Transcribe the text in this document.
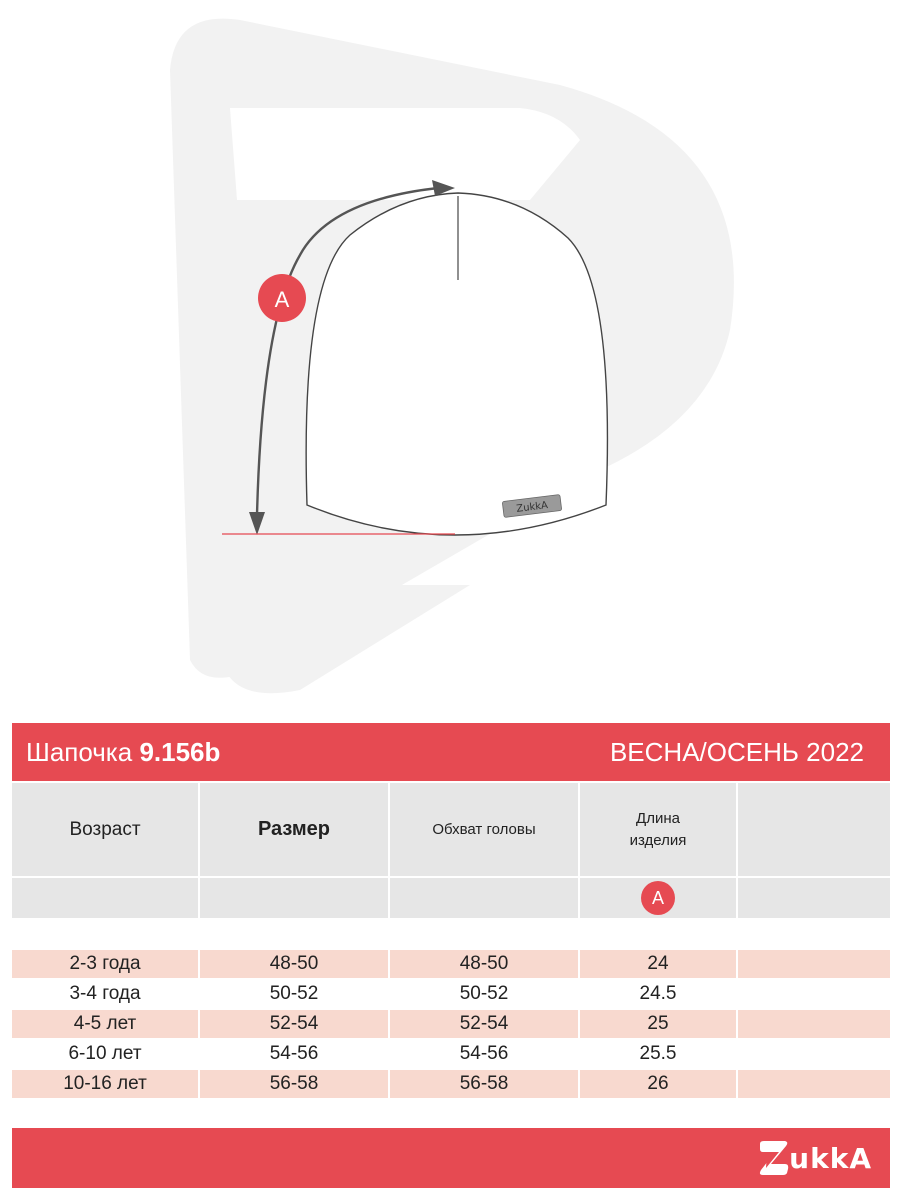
ZukkA
A
Шапочка 9.156b	ВЕСНА/ОСЕНЬ 2022
Возраст	Размер	Обхват головы
Длина
изделия
A
2-3 года	48-50	48-50	24
3-4 года	50-52	50-52	24.5
4-5 лет	52-54	52-54	25
6-10 лет	54-56	54-56	25.5
10-16 лет	56-58	56-58	26
ukkA
